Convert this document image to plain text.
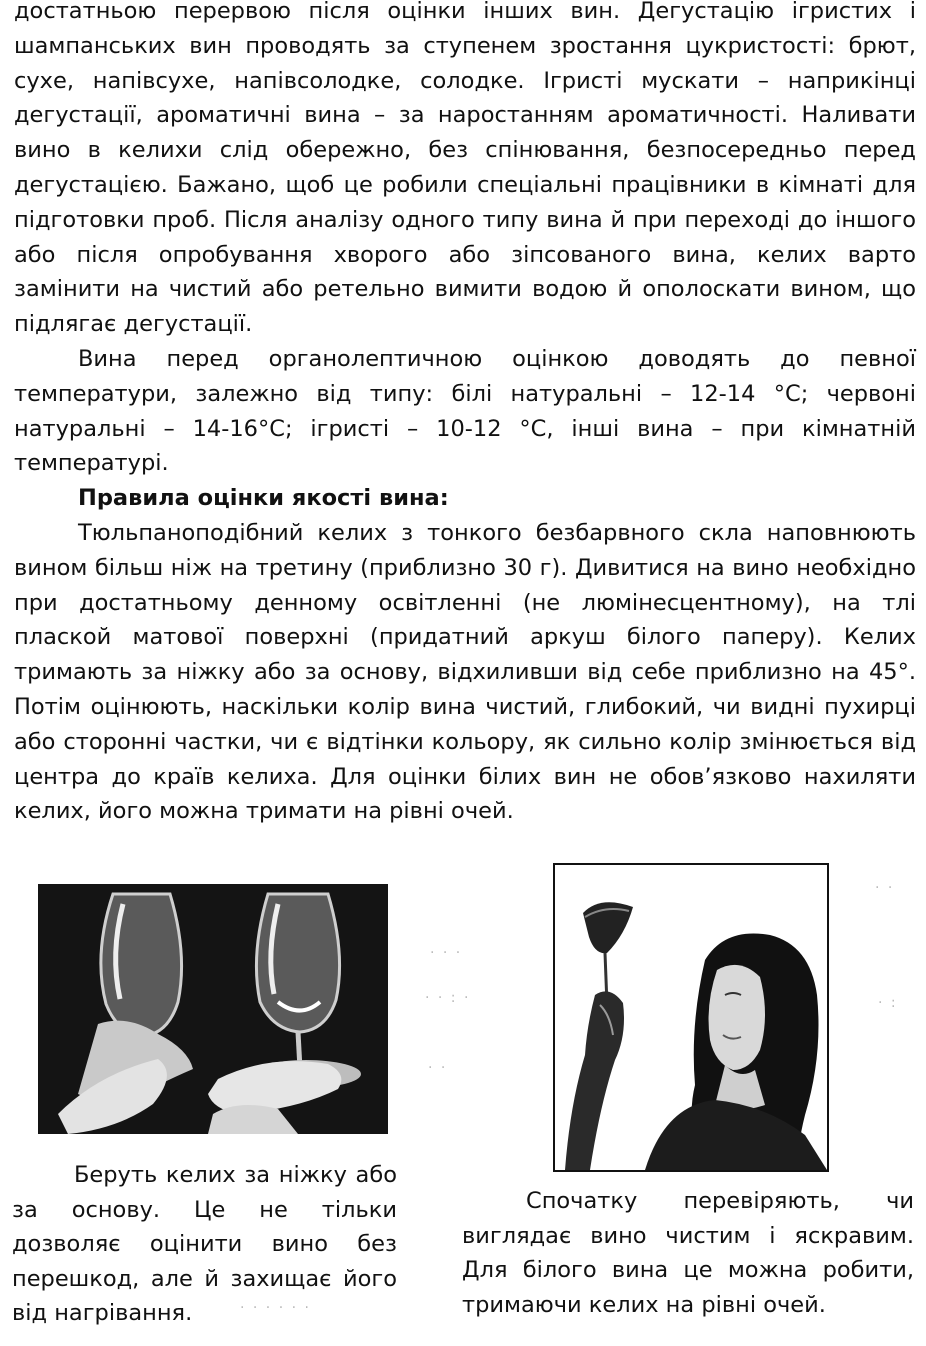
достатньою перервою після оцінки інших вин. Дегустацію ігристих і шампанських вин проводять за ступенем зростання цукристості: брют, сухе, напівсухе, напівсолодке, солодке. Ігристі мускати – наприкінці дегустації, ароматичні вина – за наростанням ароматичності. Наливати вино в келихи слід обережно, без спінювання, безпосередньо перед дегустацією. Бажано, щоб це робили спеціальні працівники в кімнаті для підготовки проб. Після аналізу одного типу вина й при переході до іншого або після опробування хворого або зіпсованого вина, келих варто замінити на чистий або ретельно вимити водою й ополоскати вином, що підлягає дегустації.

Вина перед органолептичною оцінкою доводять до певної температури, залежно від типу: білі натуральні – 12-14 °С; червоні натуральні – 14-16°С; ігристі – 10-12 °С, інші вина – при кімнатній температурі.

Правила оцінки якості вина:

Тюльпаноподібний келих з тонкого безбарвного скла наповнюють вином більш ніж на третину (приблизно 30 г). Дивитися на вино необхідно при достатньому денному освітленні (не люмінесцентному), на тлі плаской матової поверхні (придатний аркуш білого паперу). Келих тримають за ніжку або за основу, відхиливши від себе приблизно на 45°. Потім оцінюють, наскільки колір вина чистий, глибокий, чи видні пухирці або сторонні частки, чи є відтінки кольору, як сильно колір змінюється від центра до країв келиха. Для оцінки білих вин не обов’язково нахиляти келих, його можна тримати на рівні очей.

Беруть келих за ніжку або за основу. Це не тільки дозволяє оцінити вино без перешкод, але й захищає його від нагрівання.

Спочатку перевіряють, чи виглядає вино чистим і яскравим. Для білого вина це можна робити, тримаючи келих на рівні очей.

· · ·
· · : ·
· ·
· ·
· :
· · · · · ·
